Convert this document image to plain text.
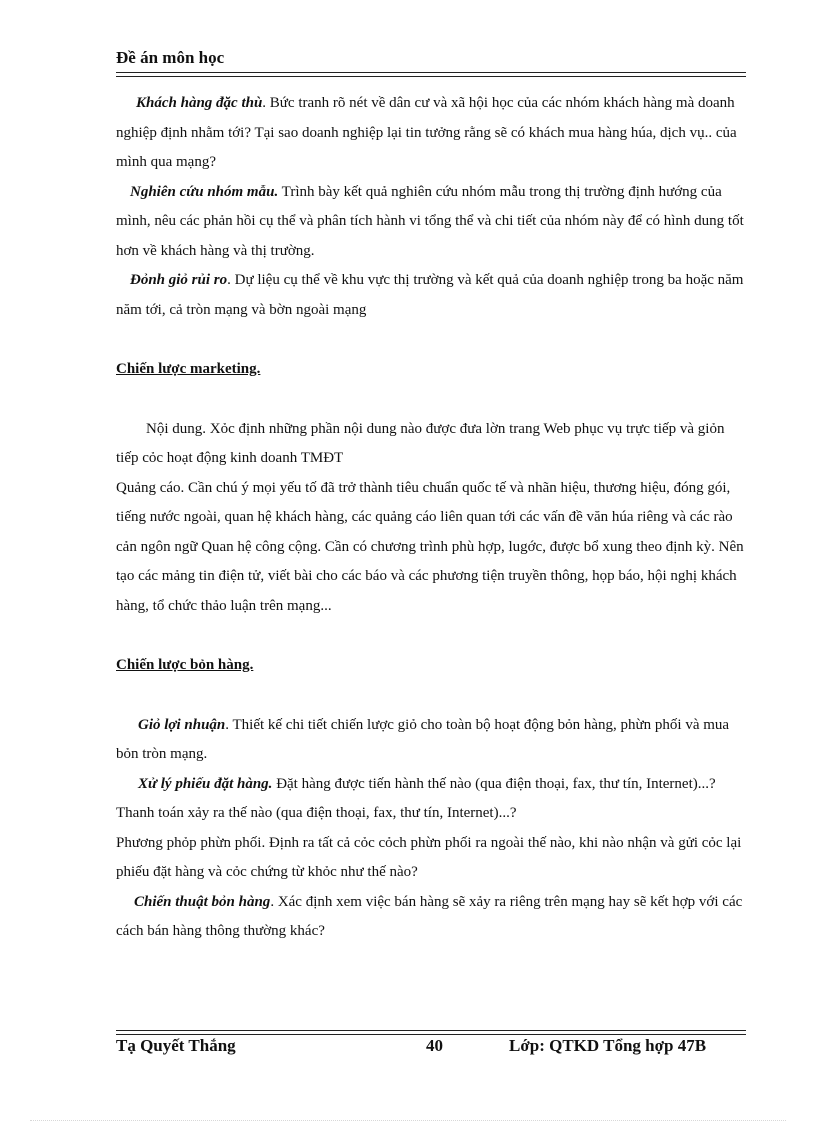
Đề án môn học

Khách hàng đặc thù. Bức tranh rõ nét về dân cư và xã hội học của các nhóm khách hàng mà doanh nghiệp định nhằm tới? Tại sao doanh nghiệp lại tin tưởng rằng sẽ có khách mua hàng húa, dịch vụ.. của mình qua mạng?

Nghiên cứu nhóm mẫu. Trình bày kết quả nghiên cứu nhóm mẫu trong thị trường định hướng của mình, nêu các phản hồi cụ thể và phân tích hành vi tổng thể và chi tiết của nhóm này để có hình dung tốt hơn về khách hàng và thị trường.

Đỏnh giỏ rủi ro. Dự liệu cụ thể về khu vực thị trường và kết quả của doanh nghiệp trong ba hoặc năm năm tới, cả tròn mạng và bờn ngoài mạng

Chiến lược marketing.

Nội dung. Xỏc định những phần nội dung nào được đưa lờn trang Web phục vụ trực tiếp và giỏn tiếp cỏc hoạt động kinh doanh TMĐT

Quảng cáo. Cần chú ý mọi yếu tố đã trở thành tiêu chuẩn quốc tế và nhãn hiệu, thương hiệu, đóng gói, tiếng nước ngoài, quan hệ khách hàng, các quảng cáo liên quan tới các vấn đề văn húa riêng và các rào cản ngôn ngữ Quan hệ công cộng. Cần có chương trình phù hợp, lugớc, được bổ xung theo định kỳ. Nên tạo các mảng tin điện tử, viết bài cho các báo và các phương tiện truyền thông, họp báo, hội nghị khách hàng, tổ chức thảo luận trên mạng...

Chiến lược bỏn hàng.

Giỏ lợi nhuận. Thiết kế chi tiết chiến lược giỏ cho toàn bộ hoạt động bỏn hàng, phừn phối và mua bỏn tròn mạng.

Xử lý phiếu đặt hàng. Đặt hàng được tiến hành thế nào (qua điện thoại, fax, thư tín, Internet)...? Thanh toán xảy ra thế nào (qua điện thoại, fax, thư tín, Internet)...?

Phương phỏp phừn phối. Định ra tất cả cỏc cỏch phừn phối ra ngoài thế nào, khi nào nhận và gửi cỏc lại phiếu đặt hàng và cỏc chứng từ khỏc như thế nào?

Chiến thuật bỏn hàng. Xác định xem việc bán hàng sẽ xảy ra riêng trên mạng hay sẽ kết hợp với các cách bán hàng thông thường khác?

Tạ Quyết Thắng	40	Lớp: QTKD Tổng hợp 47B
